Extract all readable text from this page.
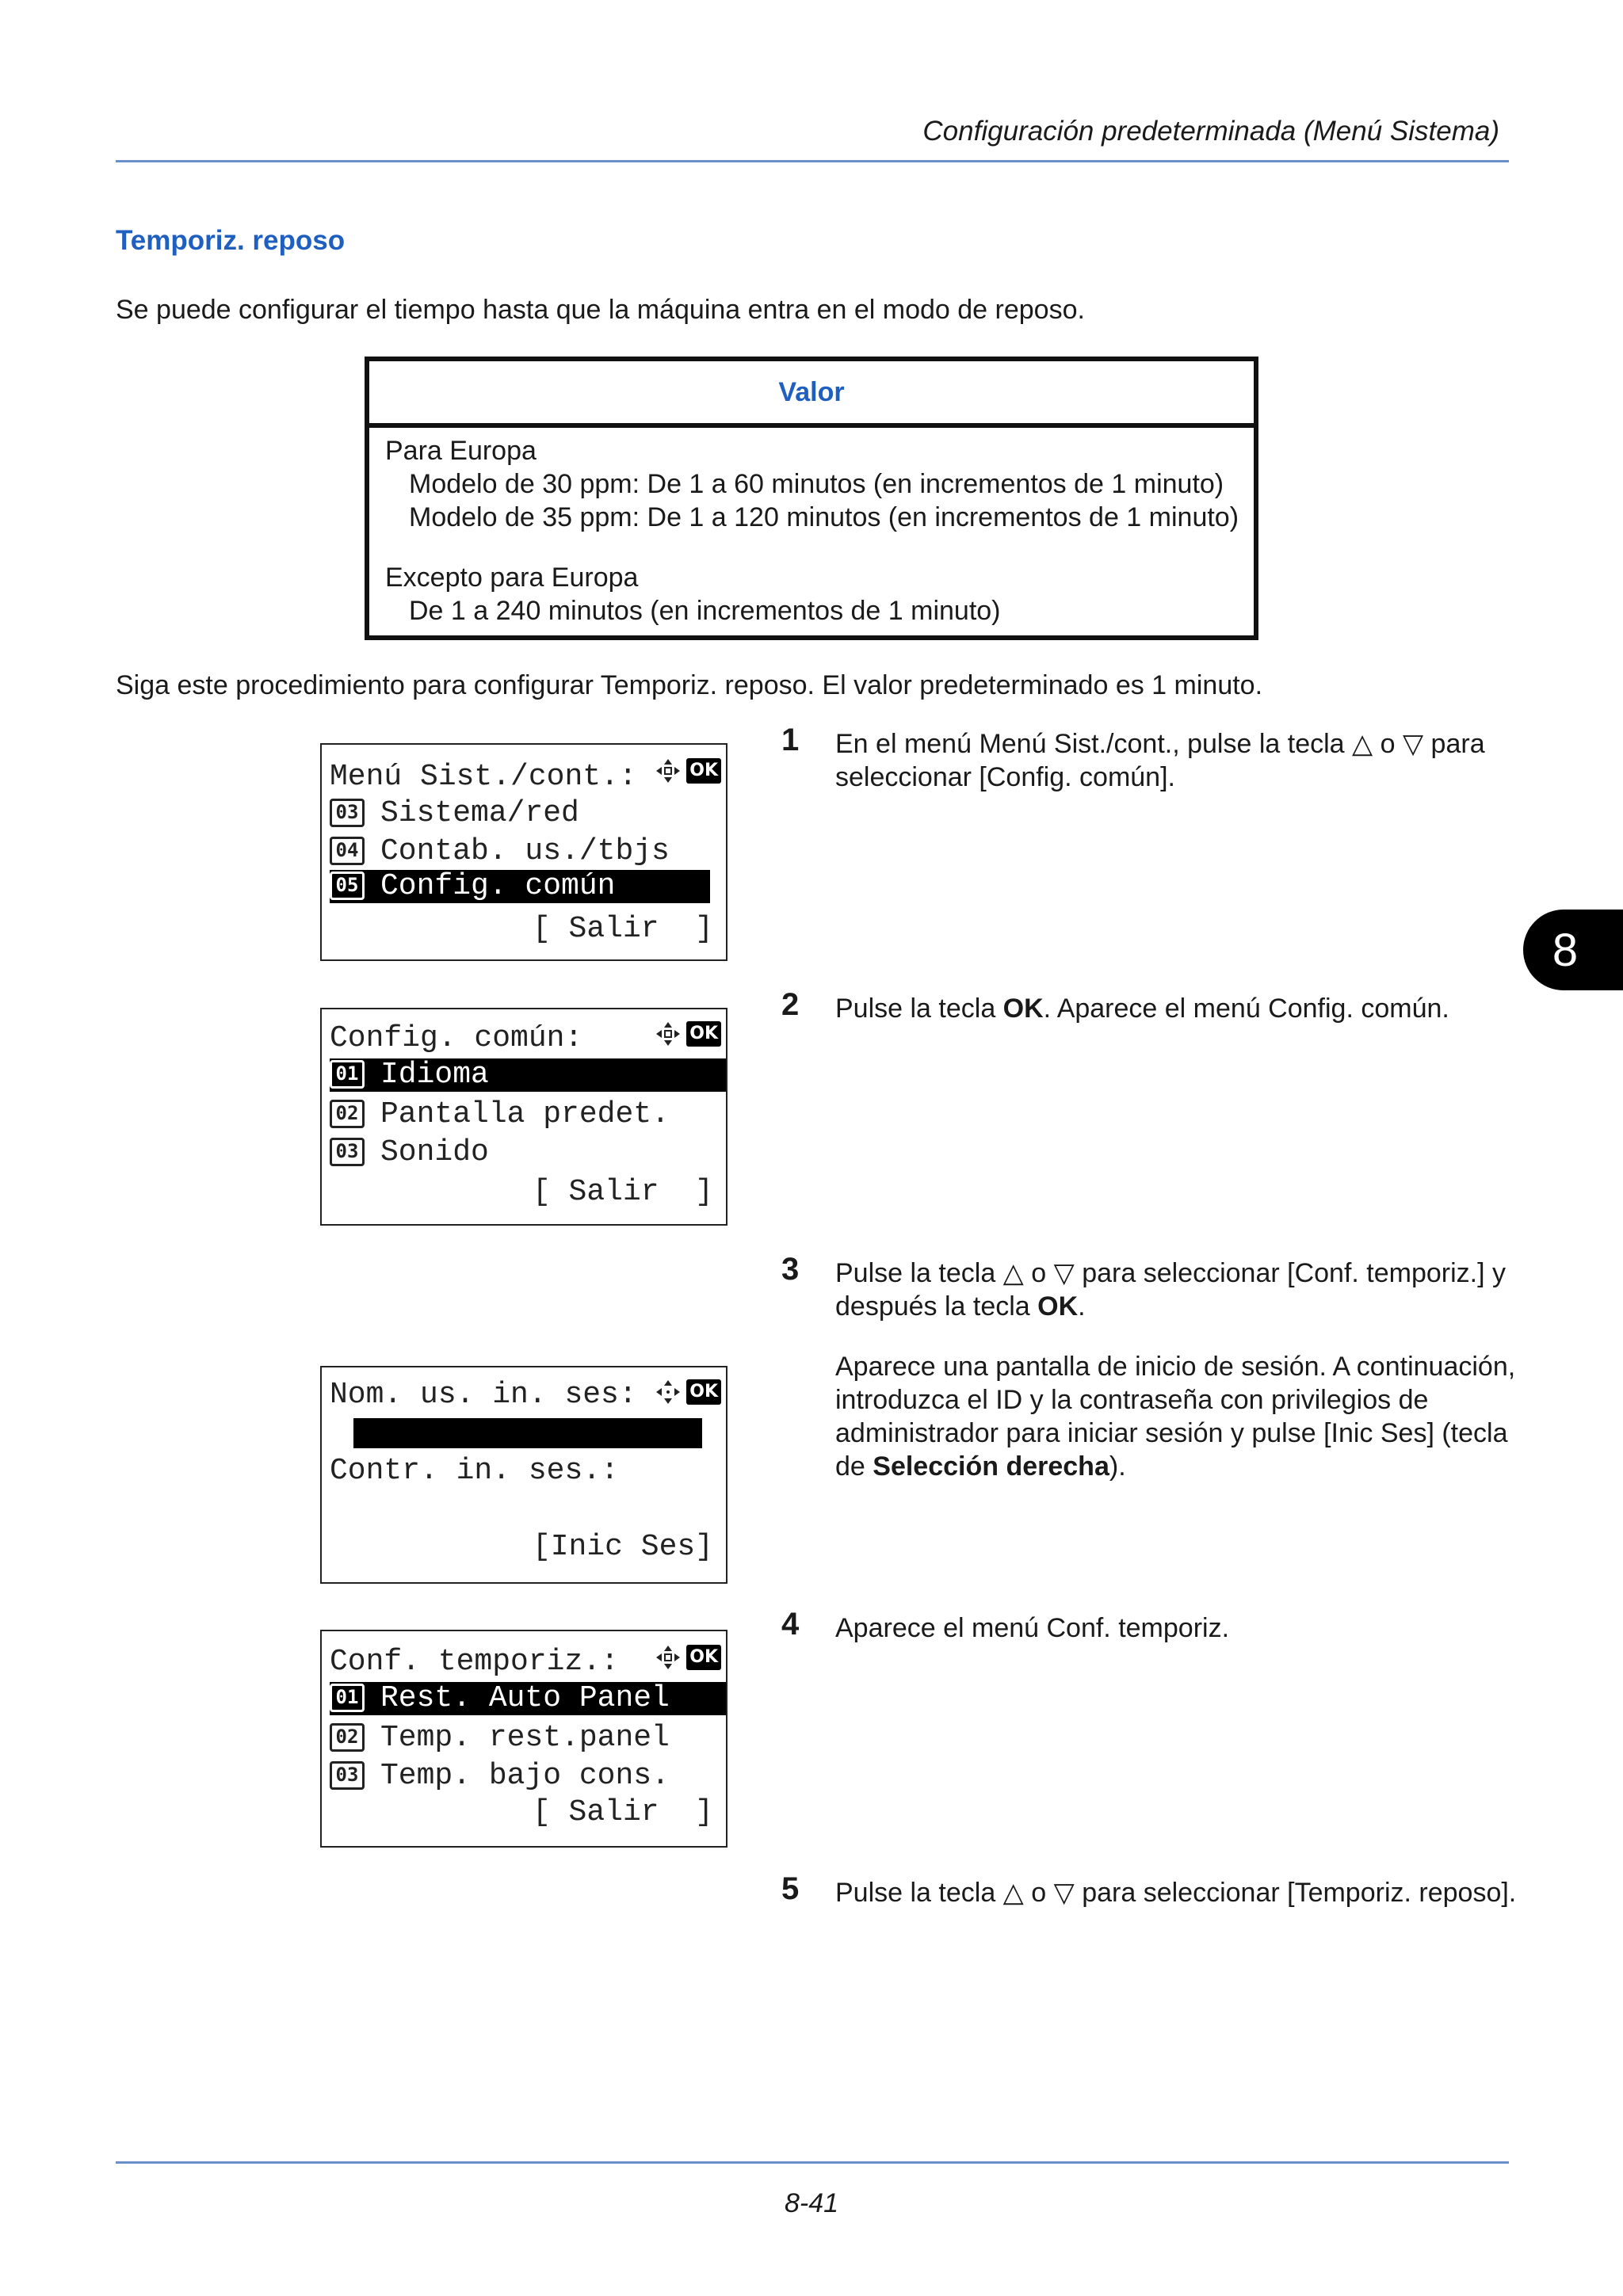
Configuración predeterminada (Menú Sistema)
Temporiz. reposo
Se puede configurar el tiempo hasta que la máquina entra en el modo de reposo.
Valor
Para Europa
Modelo de 30 ppm: De 1 a 60 minutos (en incrementos de 1 minuto)
Modelo de 35 ppm: De 1 a 120 minutos (en incrementos de 1 minuto)
Excepto para Europa
De 1 a 240 minutos (en incrementos de 1 minuto)
Siga este procedimiento para configurar Temporiz. reposo. El valor predeterminado es 1 minuto.
Menú Sist./cont.:	OK
03 Sistema/red
04 Contab. us./tbjs
05 Config. común
[ Salir  ]
Config. común:	OK
01 Idioma
02 Pantalla predet.
03 Sonido
[ Salir  ]
Nom. us. in. ses:	OK
Contr. in. ses.:
[Inic Ses]
Conf. temporiz.:	OK
01 Rest. Auto Panel
02 Temp. rest.panel
03 Temp. bajo cons.
[ Salir  ]
1 En el menú Menú Sist./cont., pulse la tecla △ o ▽ para seleccionar [Config. común].
2 Pulse la tecla OK. Aparece el menú Config. común.
3 Pulse la tecla △ o ▽ para seleccionar [Conf. temporiz.] y después la tecla OK.
Aparece una pantalla de inicio de sesión. A continuación, introduzca el ID y la contraseña con privilegios de administrador para iniciar sesión y pulse [Inic Ses] (tecla de Selección derecha).
4 Aparece el menú Conf. temporiz.
5 Pulse la tecla △ o ▽ para seleccionar [Temporiz. reposo].
8
8-41
